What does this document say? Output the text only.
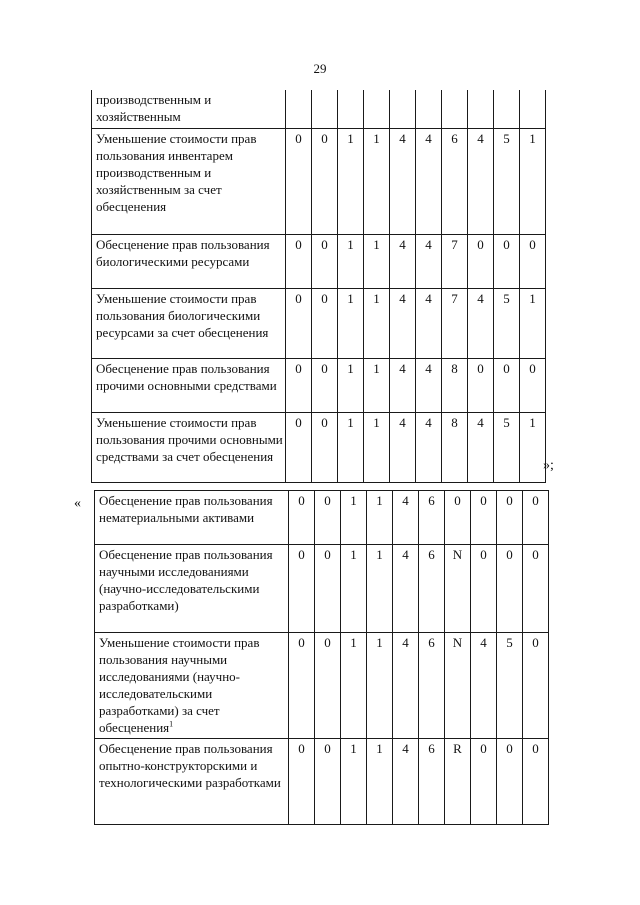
29
производственным и хозяйственным										
Уменьшение стоимости прав пользования инвентарем производственным и хозяйственным за счет обесценения	0	0	1	1	4	4	6	4	5	1
Обесценение прав пользования биологическими ресурсами	0	0	1	1	4	4	7	0	0	0
Уменьшение стоимости прав пользования биологическими ресурсами за счет обесценения	0	0	1	1	4	4	7	4	5	1
Обесценение прав пользования прочими основными средствами	0	0	1	1	4	4	8	0	0	0
Уменьшение стоимости прав пользования прочими основными средствами за счет обесценения	0	0	1	1	4	4	8	4	5	1
»;
« Обесценение прав пользования нематериальными активами	0	0	1	1	4	6	0	0	0	0
Обесценение прав пользования научными исследованиями (научно-исследовательскими разработками)	0	0	1	1	4	6	N	0	0	0
Уменьшение стоимости прав пользования научными исследованиями (научно-исследовательскими разработками) за счет обесценения$^1$	0	0	1	1	4	6	N	4	5	0
Обесценение прав пользования опытно-конструкторскими и технологическими разработками	0	0	1	1	4	6	R	0	0	0
